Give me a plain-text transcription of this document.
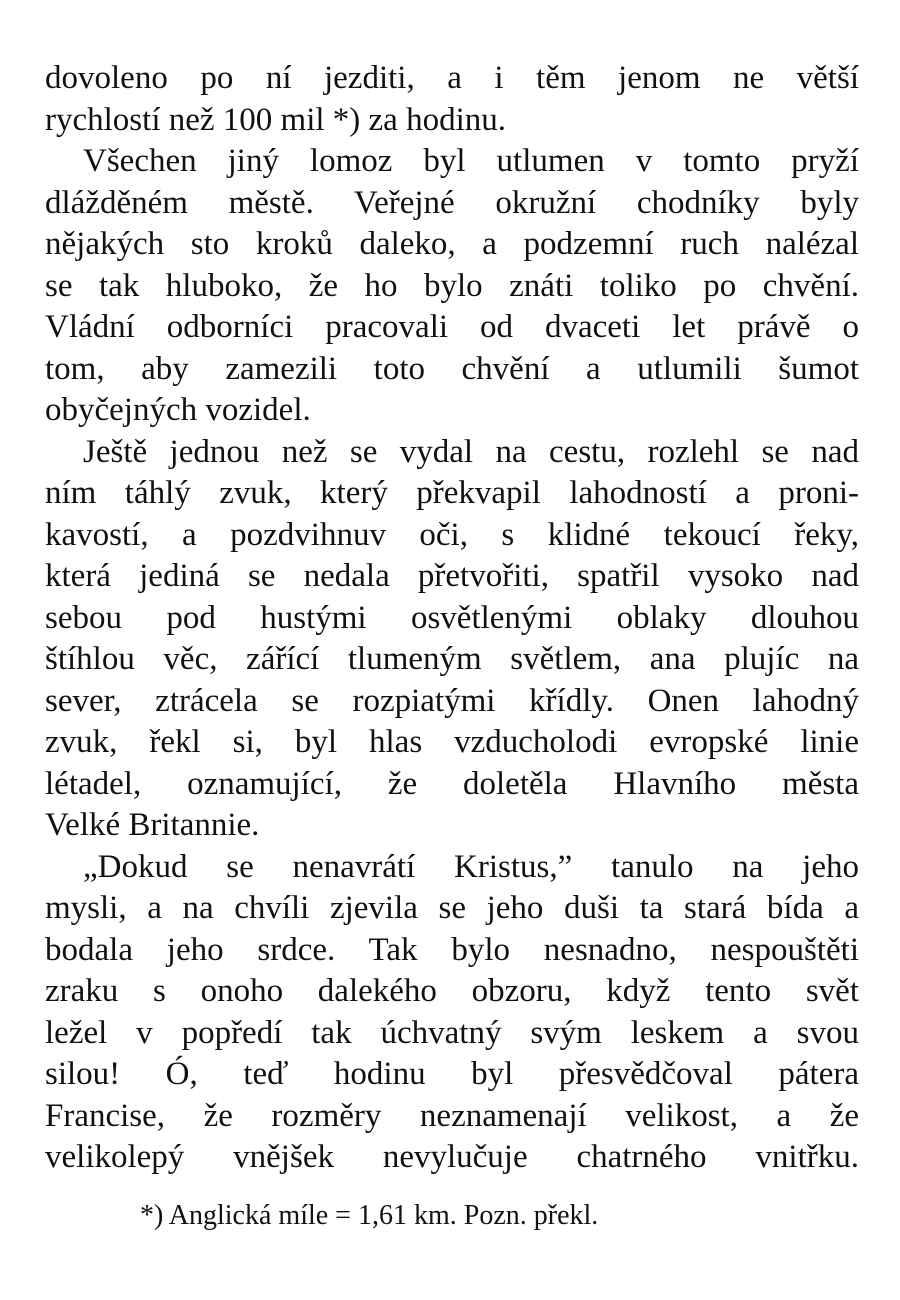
dovoleno po ní jezditi, a i těm jenom ne větší
rychlostí než 100 mil *) za hodinu.
Všechen jiný lomoz byl utlumen v tomto pryží
dlážděném městě. Veřejné okružní chodníky byly
nějakých sto kroků daleko, a podzemní ruch nalézal
se tak hluboko, že ho bylo znáti toliko po chvění.
Vládní odborníci pracovali od dvaceti let právě o
tom, aby zamezili toto chvění a utlumili šumot
obyčejných vozidel.
Ještě jednou než se vydal na cestu, rozlehl se nad
ním táhlý zvuk, který překvapil lahodností a proni-
kavostí, a pozdvihnuv oči, s klidné tekoucí řeky,
která jediná se nedala přetvořiti, spatřil vysoko nad
sebou pod hustými osvětlenými oblaky dlouhou
štíhlou věc, zářící tlumeným světlem, ana plujíc na
sever, ztrácela se rozpiatými křídly. Onen lahodný
zvuk, řekl si, byl hlas vzducholodi evropské linie
létadel, oznamující, že doletěla Hlavního města
Velké Britannie.
„Dokud se nenavrátí Kristus,” tanulo na jeho
mysli, a na chvíli zjevila se jeho duši ta stará bída a
bodala jeho srdce. Tak bylo nesnadno, nespouštěti
zraku s onoho dalekého obzoru, když tento svět
ležel v popředí tak úchvatný svým leskem a svou
silou! Ó, teď hodinu byl přesvědčoval pátera
Francise, že rozměry neznamenají velikost, a že
velikolepý vnějšek nevylučuje chatrného vnitřku.
*) Anglická míle = 1,61 km. Pozn. překl.
